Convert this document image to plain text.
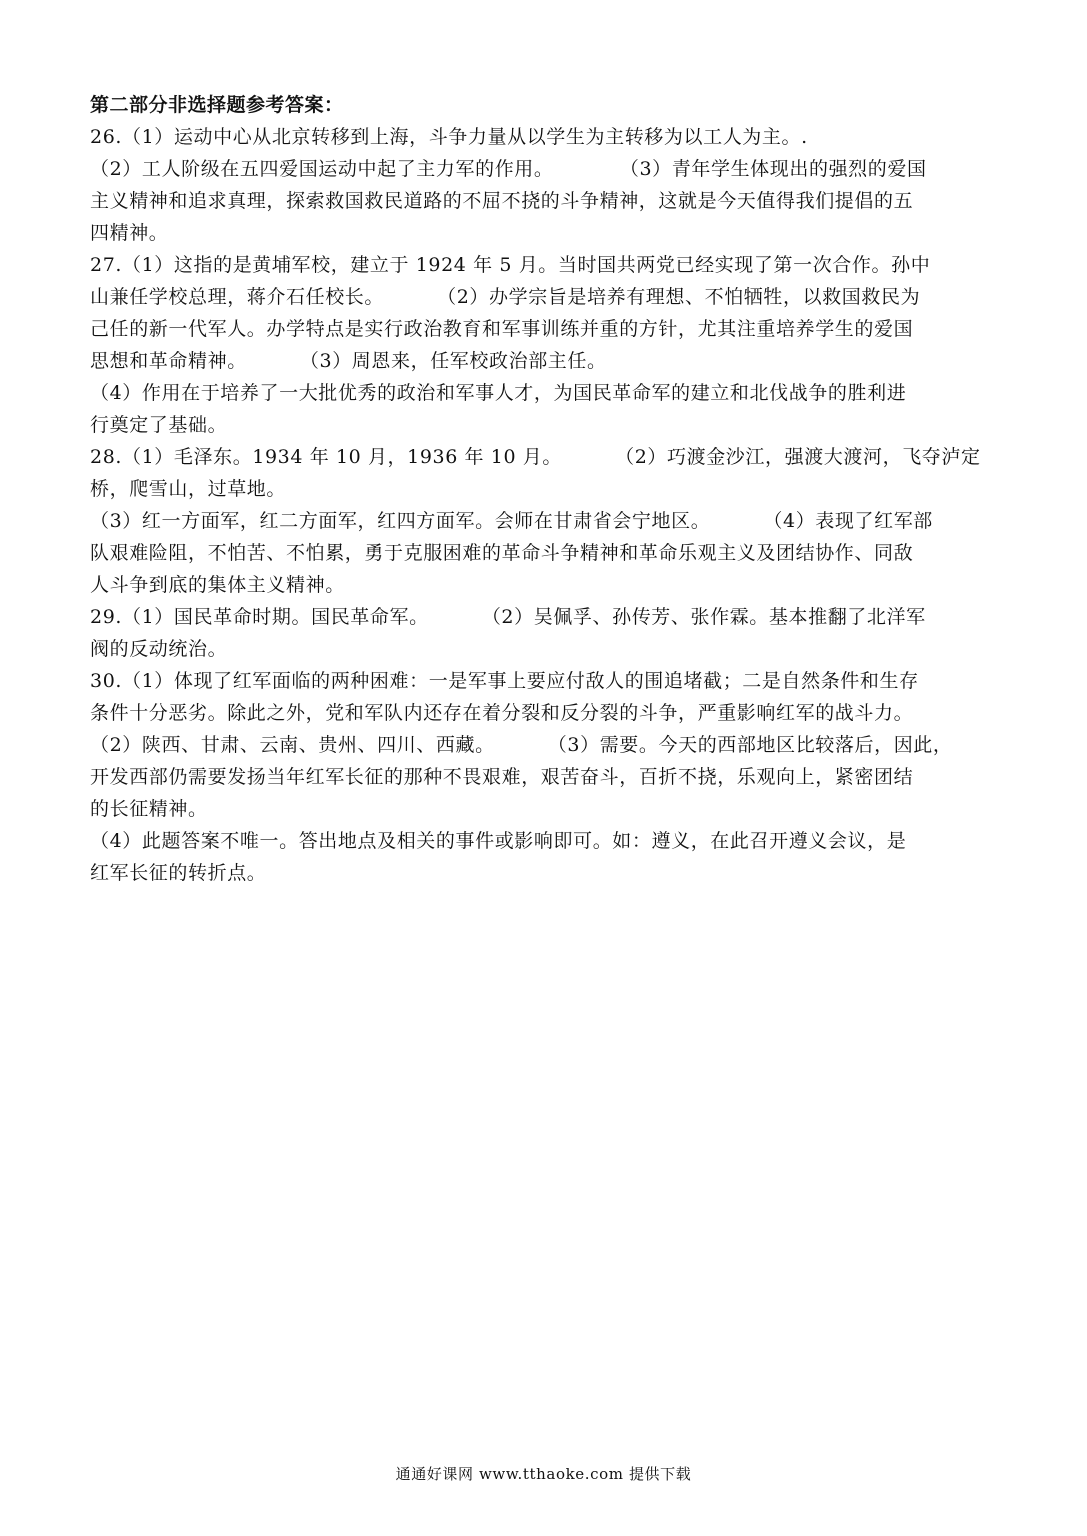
第二部分非选择题参考答案：

26.（1）运动中心从北京转移到上海，斗争力量从以学生为主转移为以工人为主。.

（2）工人阶级在五四爱国运动中起了主力军的作用。          （3）青年学生体现出的强烈的爱国

主义精神和追求真理，探索救国救民道路的不屈不挠的斗争精神，这就是今天值得我们提倡的五

四精神。

27.（1）这指的是黄埔军校，建立于 1924 年 5 月。当时国共两党已经实现了第一次合作。孙中

山兼任学校总理，蒋介石任校长。        （2）办学宗旨是培养有理想、不怕牺牲，以救国救民为

己任的新一代军人。办学特点是实行政治教育和军事训练并重的方针，尤其注重培养学生的爱国

思想和革命精神。        （3）周恩来，任军校政治部主任。

（4）作用在于培养了一大批优秀的政治和军事人才，为国民革命军的建立和北伐战争的胜利进

行奠定了基础。

28.（1）毛泽东。1934 年 10 月，1936 年 10 月。        （2）巧渡金沙江，强渡大渡河，飞夺泸定

桥，爬雪山，过草地。

（3）红一方面军，红二方面军，红四方面军。会师在甘肃省会宁地区。        （4）表现了红军部

队艰难险阻，不怕苦、不怕累，勇于克服困难的革命斗争精神和革命乐观主义及团结协作、同敌

人斗争到底的集体主义精神。

29.（1）国民革命时期。国民革命军。        （2）吴佩孚、孙传芳、张作霖。基本推翻了北洋军

阀的反动统治。

30.（1）体现了红军面临的两种困难：一是军事上要应付敌人的围追堵截；二是自然条件和生存

条件十分恶劣。除此之外，党和军队内还存在着分裂和反分裂的斗争，严重影响红军的战斗力。

（2）陕西、甘肃、云南、贵州、四川、西藏。        （3）需要。今天的西部地区比较落后，因此，

开发西部仍需要发扬当年红军长征的那种不畏艰难，艰苦奋斗，百折不挠，乐观向上，紧密团结

的长征精神。

（4）此题答案不唯一。答出地点及相关的事件或影响即可。如：遵义，在此召开遵义会议，是

红军长征的转折点。

通通好课网 www.tthaoke.com 提供下载
